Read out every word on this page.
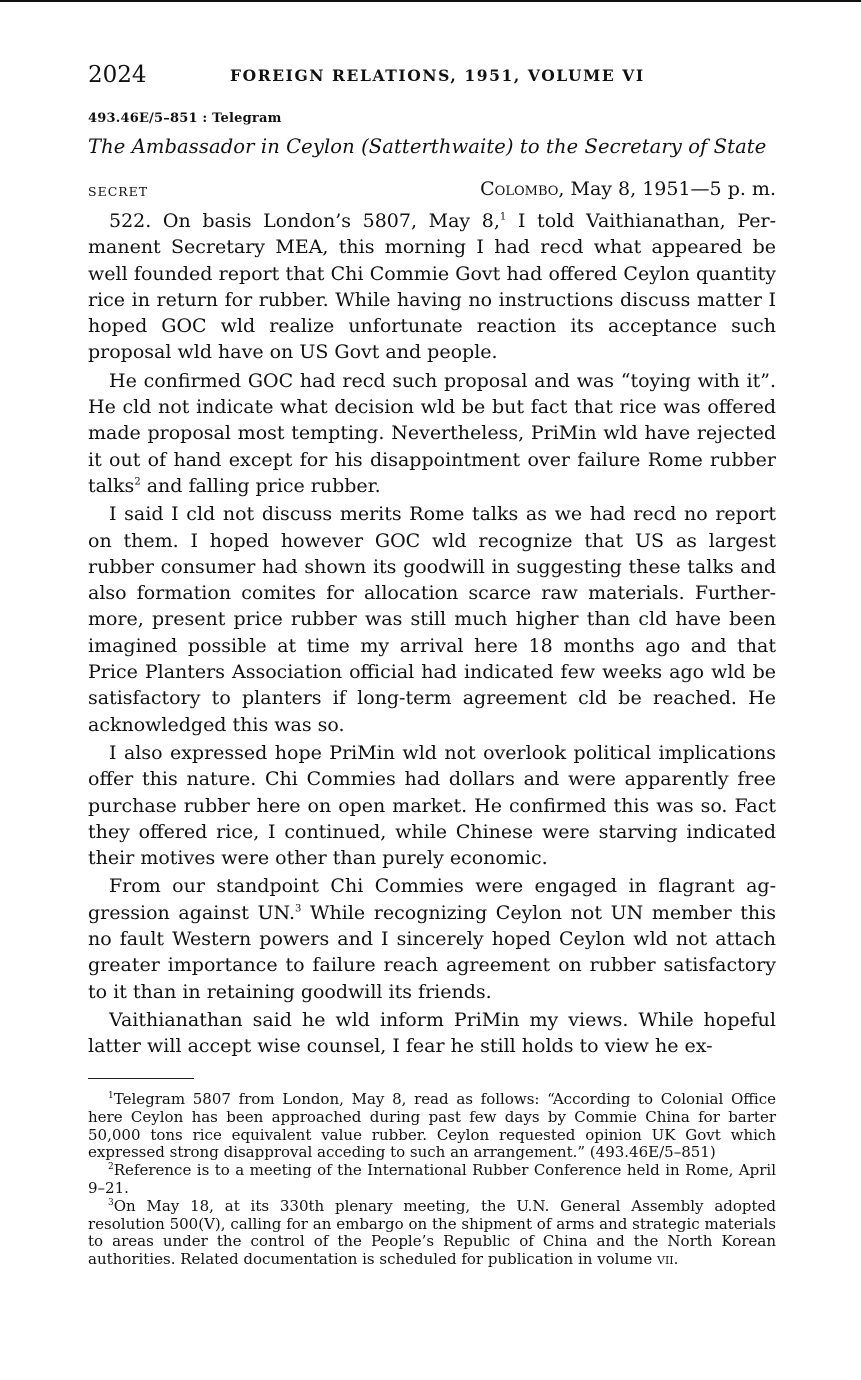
2024	FOREIGN RELATIONS, 1951, VOLUME VI
493.46E/5–851 : Telegram
The Ambassador in Ceylon (Satterthwaite) to the Secretary of State
SECRET	Colombo, May 8, 1951—5 p. m.

522. On basis London’s 5807, May 8,$^1$ I told Vaithianathan, Permanent Secretary MEA, this morning I had recd what appeared be well founded report that Chi Commie Govt had offered Ceylon quantity rice in return for rubber. While having no instructions discuss matter I hoped GOC wld realize unfortunate reaction its acceptance such proposal wld have on US Govt and people.

He confirmed GOC had recd such proposal and was “toying with it”. He cld not indicate what decision wld be but fact that rice was offered made proposal most tempting. Nevertheless, PriMin wld have rejected it out of hand except for his disappointment over failure Rome rubber talks$^2$ and falling price rubber.

I said I cld not discuss merits Rome talks as we had recd no report on them. I hoped however GOC wld recognize that US as largest rubber consumer had shown its goodwill in suggesting these talks and also formation comites for allocation scarce raw materials. Furthermore, present price rubber was still much higher than cld have been imagined possible at time my arrival here 18 months ago and that Price Planters Association official had indicated few weeks ago wld be satisfactory to planters if long-term agreement cld be reached. He acknowledged this was so.

I also expressed hope PriMin wld not overlook political implications offer this nature. Chi Commies had dollars and were apparently free purchase rubber here on open market. He confirmed this was so. Fact they offered rice, I continued, while Chinese were starving indicated their motives were other than purely economic.

From our standpoint Chi Commies were engaged in flagrant aggression against UN.$^3$ While recognizing Ceylon not UN member this no fault Western powers and I sincerely hoped Ceylon wld not attach greater importance to failure reach agreement on rubber satisfactory to it than in retaining goodwill its friends.

Vaithianathan said he wld inform PriMin my views. While hopeful latter will accept wise counsel, I fear he still holds to view he ex-

$^1$Telegram 5807 from London, May 8, read as follows: “According to Colonial Office here Ceylon has been approached during past few days by Commie China for barter 50,000 tons rice equivalent value rubber. Ceylon requested opinion UK Govt which expressed strong disapproval acceding to such an arrangement.” (493.46E/5–851)

$^2$Reference is to a meeting of the International Rubber Conference held in Rome, April 9–21.

$^3$On May 18, at its 330th plenary meeting, the U.N. General Assembly adopted resolution 500(V), calling for an embargo on the shipment of arms and strategic materials to areas under the control of the People’s Republic of China and the North Korean authorities. Related documentation is scheduled for publication in volume vii.
